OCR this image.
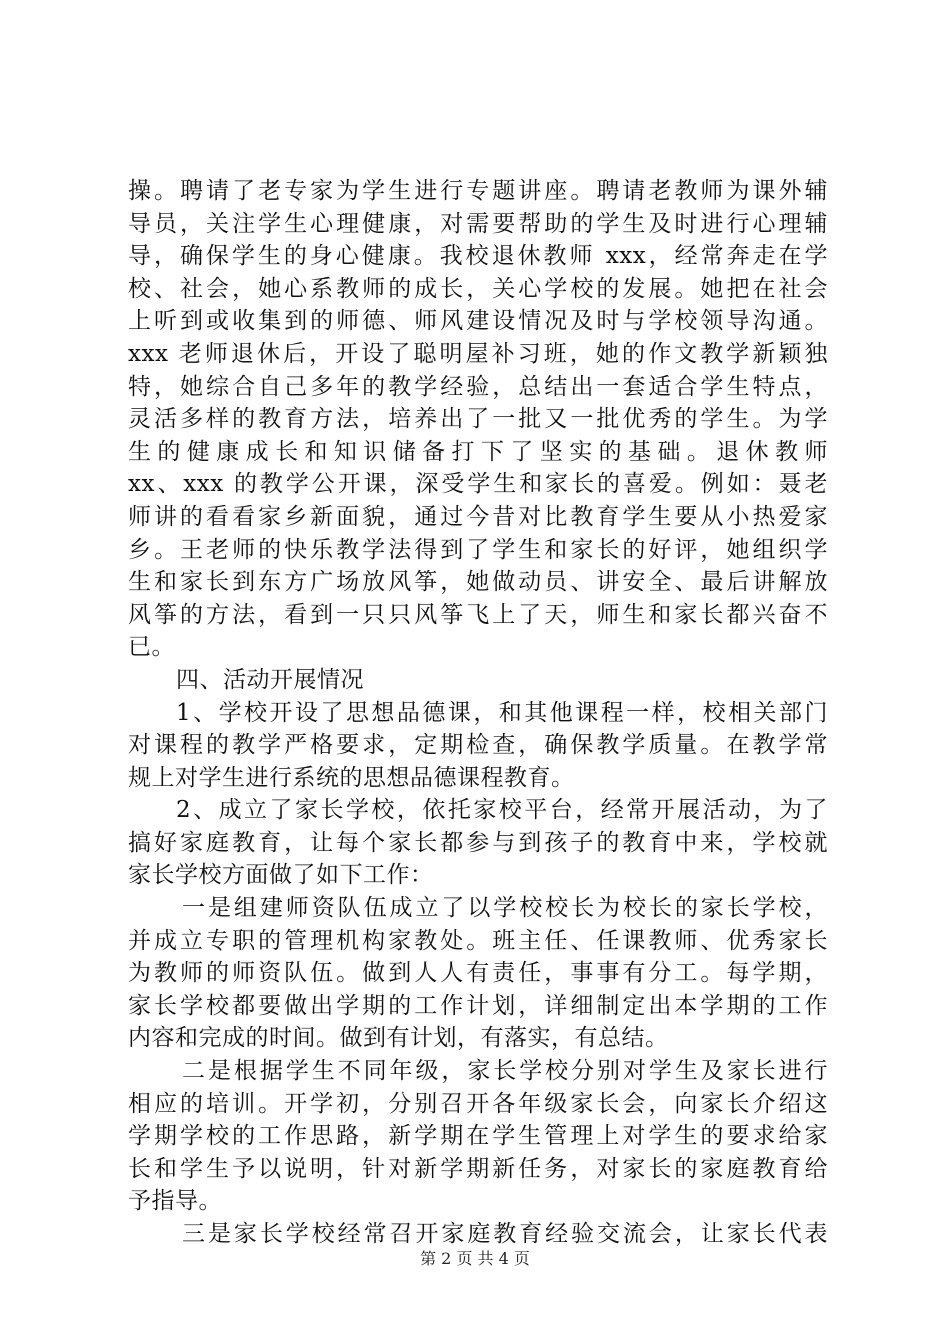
操。聘请了老专家为学生进行专题讲座。聘请老教师为课外辅
导员，关注学生心理健康，对需要帮助的学生及时进行心理辅
导，确保学生的身心健康。我校退休教师 xxx，经常奔走在学
校、社会，她心系教师的成长，关心学校的发展。她把在社会
上听到或收集到的师德、师风建设情况及时与学校领导沟通。
xxx 老师退休后，开设了聪明屋补习班，她的作文教学新颖独
特，她综合自己多年的教学经验，总结出一套适合学生特点，
灵活多样的教育方法，培养出了一批又一批优秀的学生。为学
生的健康成长和知识储备打下了坚实的基础。退休教师
xx、xxx 的教学公开课，深受学生和家长的喜爱。例如：聂老
师讲的看看家乡新面貌，通过今昔对比教育学生要从小热爱家
乡。王老师的快乐教学法得到了学生和家长的好评，她组织学
生和家长到东方广场放风筝，她做动员、讲安全、最后讲解放
风筝的方法，看到一只只风筝飞上了天，师生和家长都兴奋不
已。
四、活动开展情况
1、学校开设了思想品德课，和其他课程一样，校相关部门
对课程的教学严格要求，定期检查，确保教学质量。在教学常
规上对学生进行系统的思想品德课程教育。
2、成立了家长学校，依托家校平台，经常开展活动，为了
搞好家庭教育，让每个家长都参与到孩子的教育中来，学校就
家长学校方面做了如下工作：
一是组建师资队伍成立了以学校校长为校长的家长学校，
并成立专职的管理机构家教处。班主任、任课教师、优秀家长
为教师的师资队伍。做到人人有责任，事事有分工。每学期，
家长学校都要做出学期的工作计划，详细制定出本学期的工作
内容和完成的时间。做到有计划，有落实，有总结。
二是根据学生不同年级，家长学校分别对学生及家长进行
相应的培训。开学初，分别召开各年级家长会，向家长介绍这
学期学校的工作思路，新学期在学生管理上对学生的要求给家
长和学生予以说明，针对新学期新任务，对家长的家庭教育给
予指导。
三是家长学校经常召开家庭教育经验交流会，让家长代表
第 2 页 共 4 页
